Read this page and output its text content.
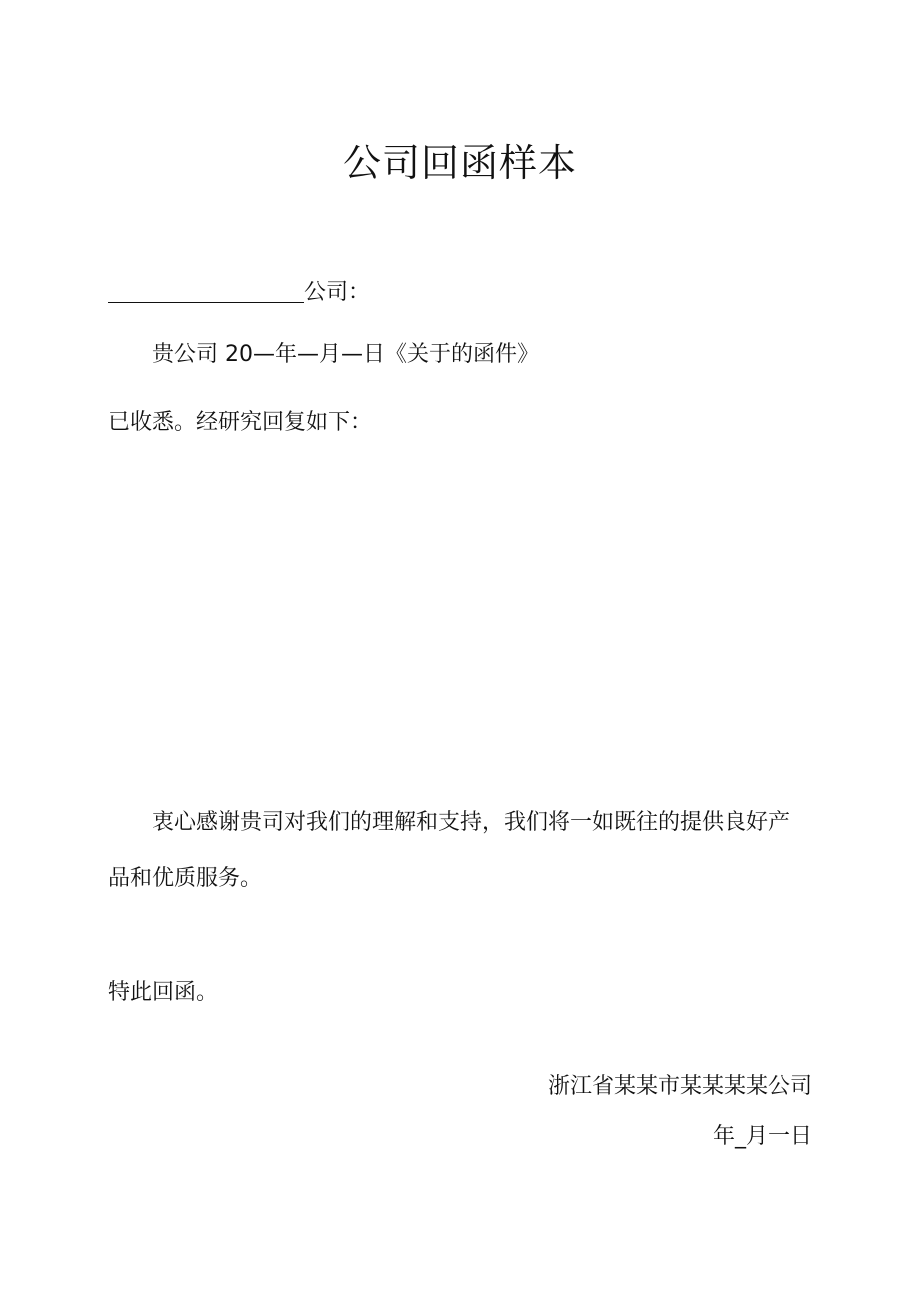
公司回函样本
公司：
贵公司 20—年—月—日《关于的函件》
已收悉。经研究回复如下：
衷心感谢贵司对我们的理解和支持，我们将一如既往的提供良好产
品和优质服务。
特此回函。
浙江省某某市某某某某公司
年_月一日
